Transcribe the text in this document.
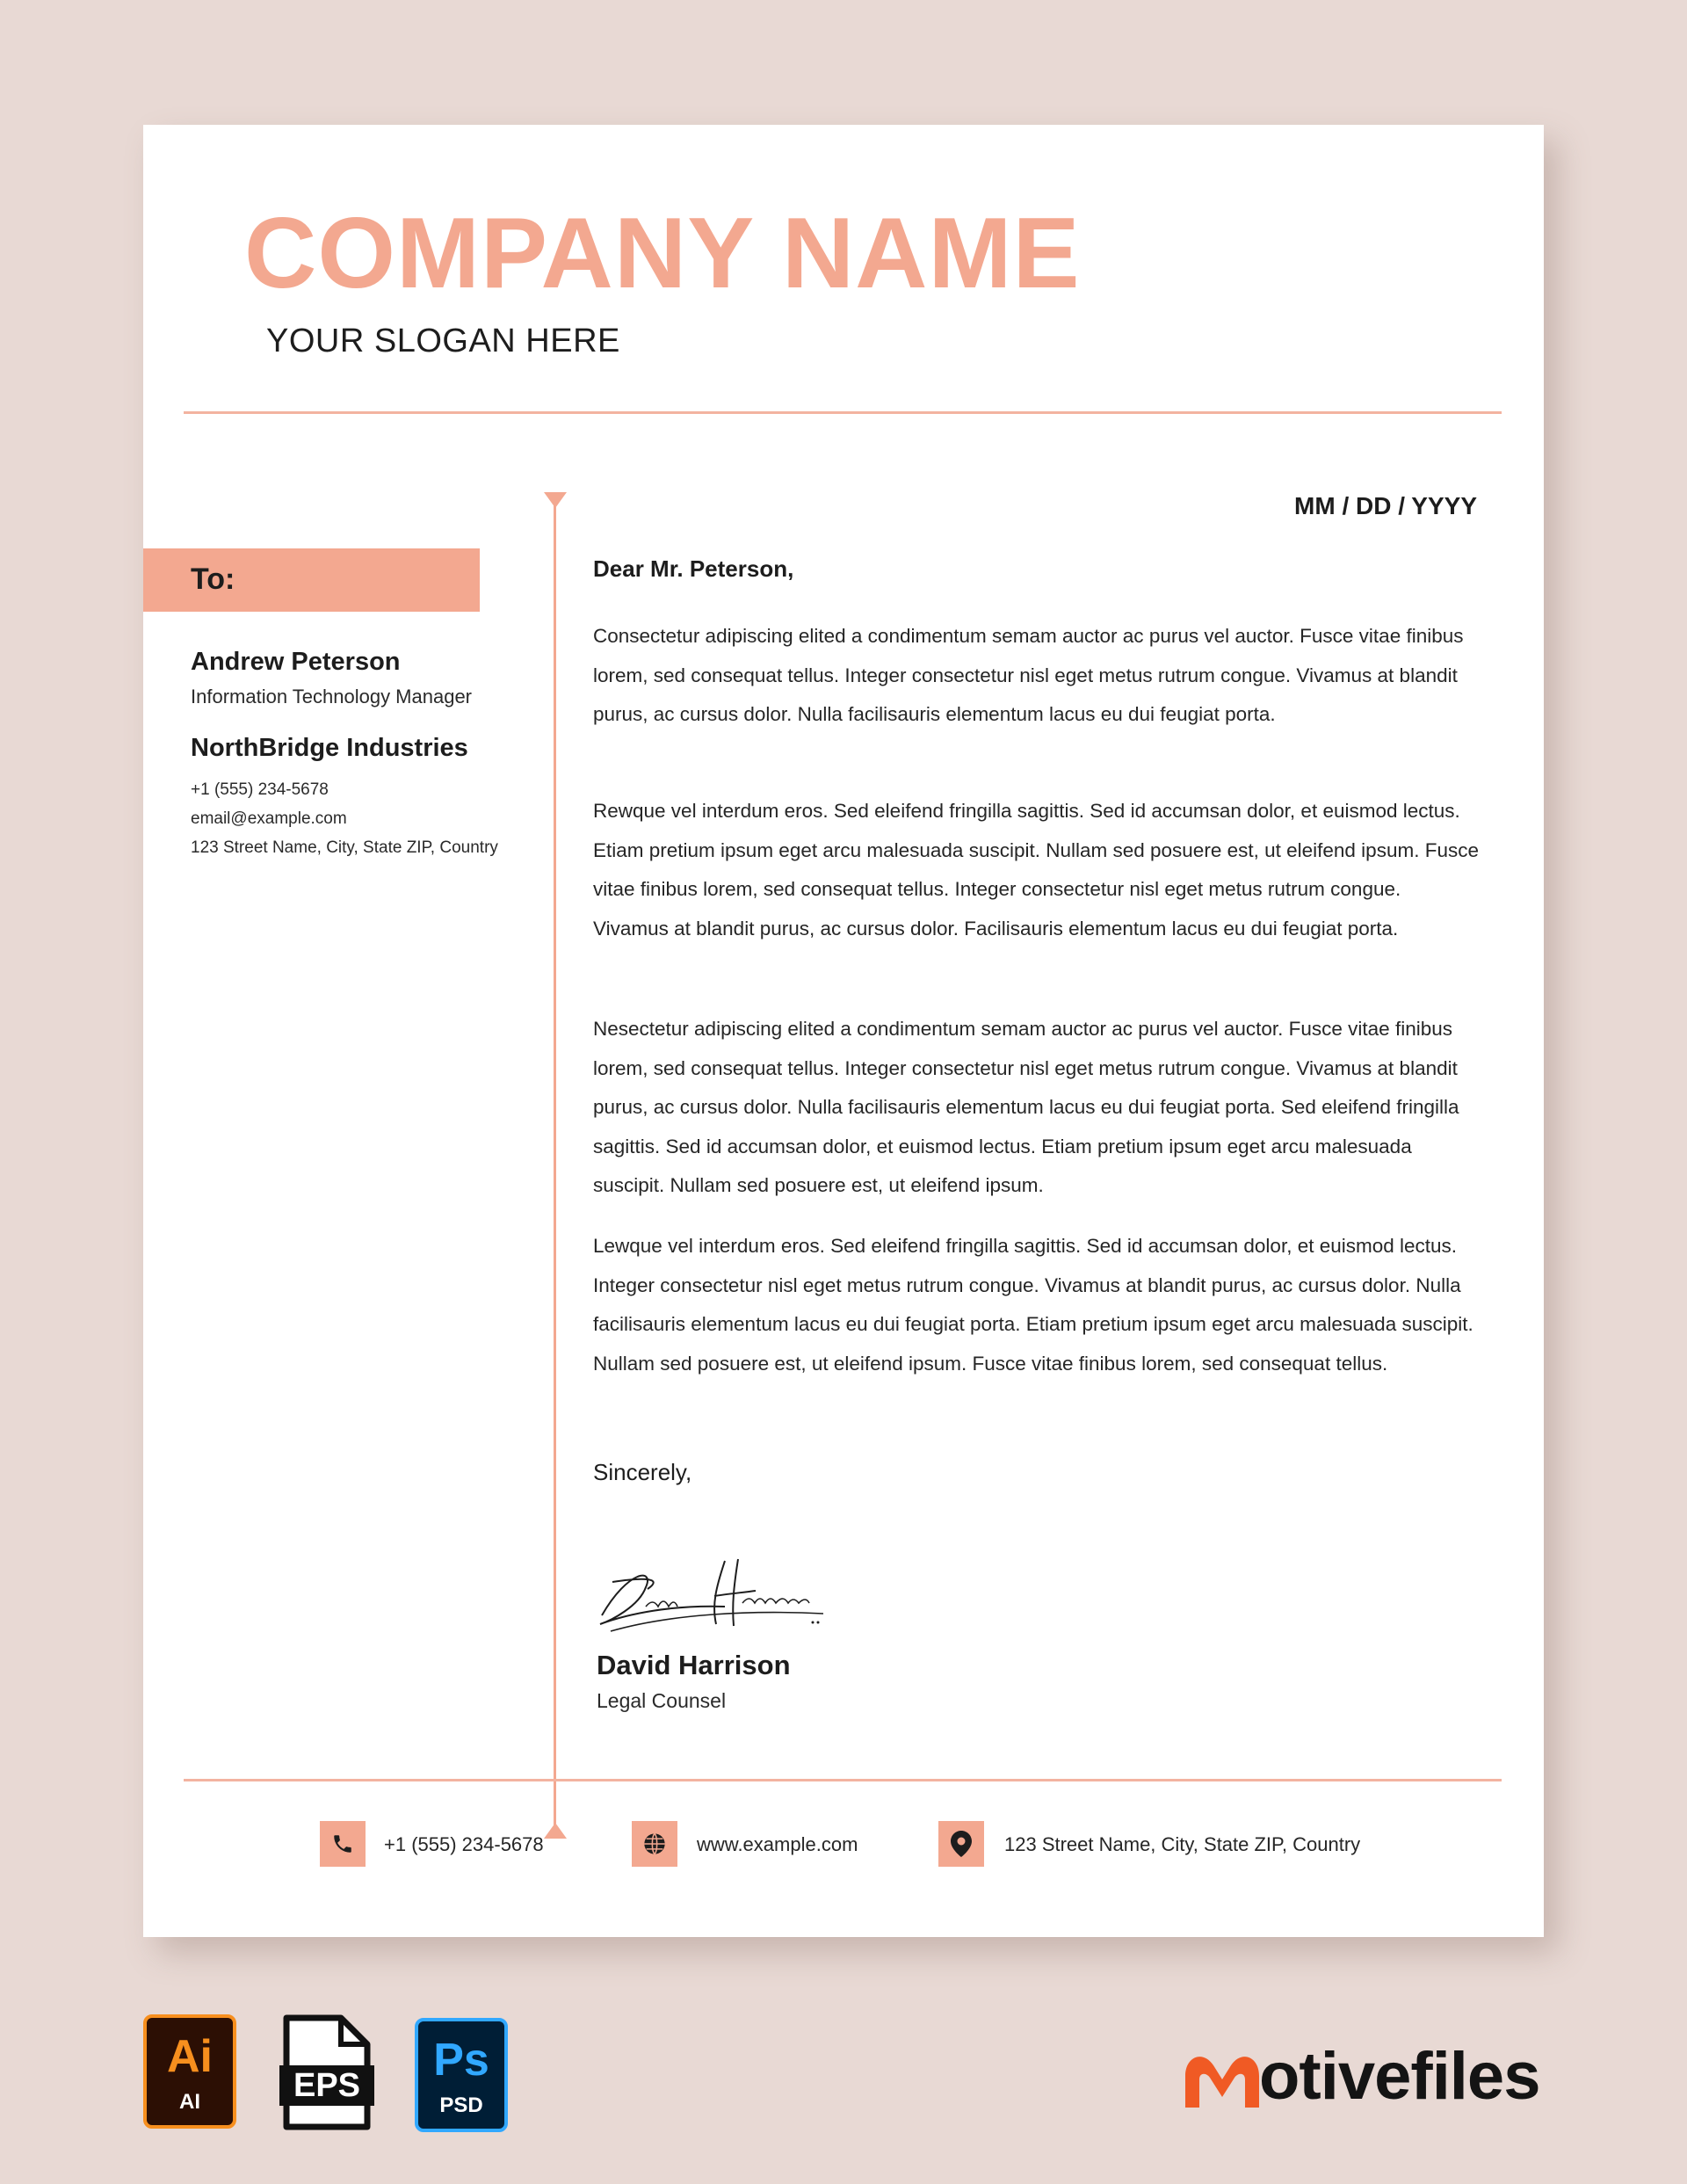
COMPANY NAME

YOUR SLOGAN HERE

To:
Andrew Peterson
Information Technology Manager
NorthBridge Industries
+1 (555) 234-5678
email@example.com
123 Street Name, City, State ZIP, Country
MM / DD / YYYY
Dear Mr. Peterson,

Consectetur adipiscing elited a condimentum semam auctor ac purus vel auctor. Fusce vitae finibus lorem, sed consequat tellus. Integer consectetur nisl eget metus rutrum congue. Vivamus at blandit purus, ac cursus dolor. Nulla facilisauris elementum lacus eu dui feugiat porta.

Rewque vel interdum eros. Sed eleifend fringilla sagittis. Sed id accumsan dolor, et euismod lectus. Etiam pretium ipsum eget arcu malesuada suscipit. Nullam sed posuere est, ut eleifend ipsum. Fusce vitae finibus lorem, sed consequat tellus. Integer consectetur nisl eget metus rutrum congue. Vivamus at blandit purus, ac cursus dolor. Facilisauris elementum lacus eu dui feugiat porta.

Nesectetur adipiscing elited a condimentum semam auctor ac purus vel auctor. Fusce vitae finibus lorem, sed consequat tellus. Integer consectetur nisl eget metus rutrum congue. Vivamus at blandit purus, ac cursus dolor. Nulla facilisauris elementum lacus eu dui feugiat porta. Sed eleifend fringilla sagittis. Sed id accumsan dolor, et euismod lectus. Etiam pretium ipsum eget arcu malesuada suscipit. Nullam sed posuere est, ut eleifend ipsum.

Lewque vel interdum eros. Sed eleifend fringilla sagittis. Sed id accumsan dolor, et euismod lectus. Integer consectetur nisl eget metus rutrum congue. Vivamus at blandit purus, ac cursus dolor. Nulla facilisauris elementum lacus eu dui feugiat porta. Etiam pretium ipsum eget arcu malesuada suscipit. Nullam sed posuere est, ut eleifend ipsum. Fusce vitae finibus lorem, sed consequat tellus.

Sincerely,
David Harrison
Legal Counsel
+1 (555) 234-5678	www.example.com	123 Street Name, City, State ZIP, Country
Ai
AI	EPS	Ps
PSD	otivefiles
